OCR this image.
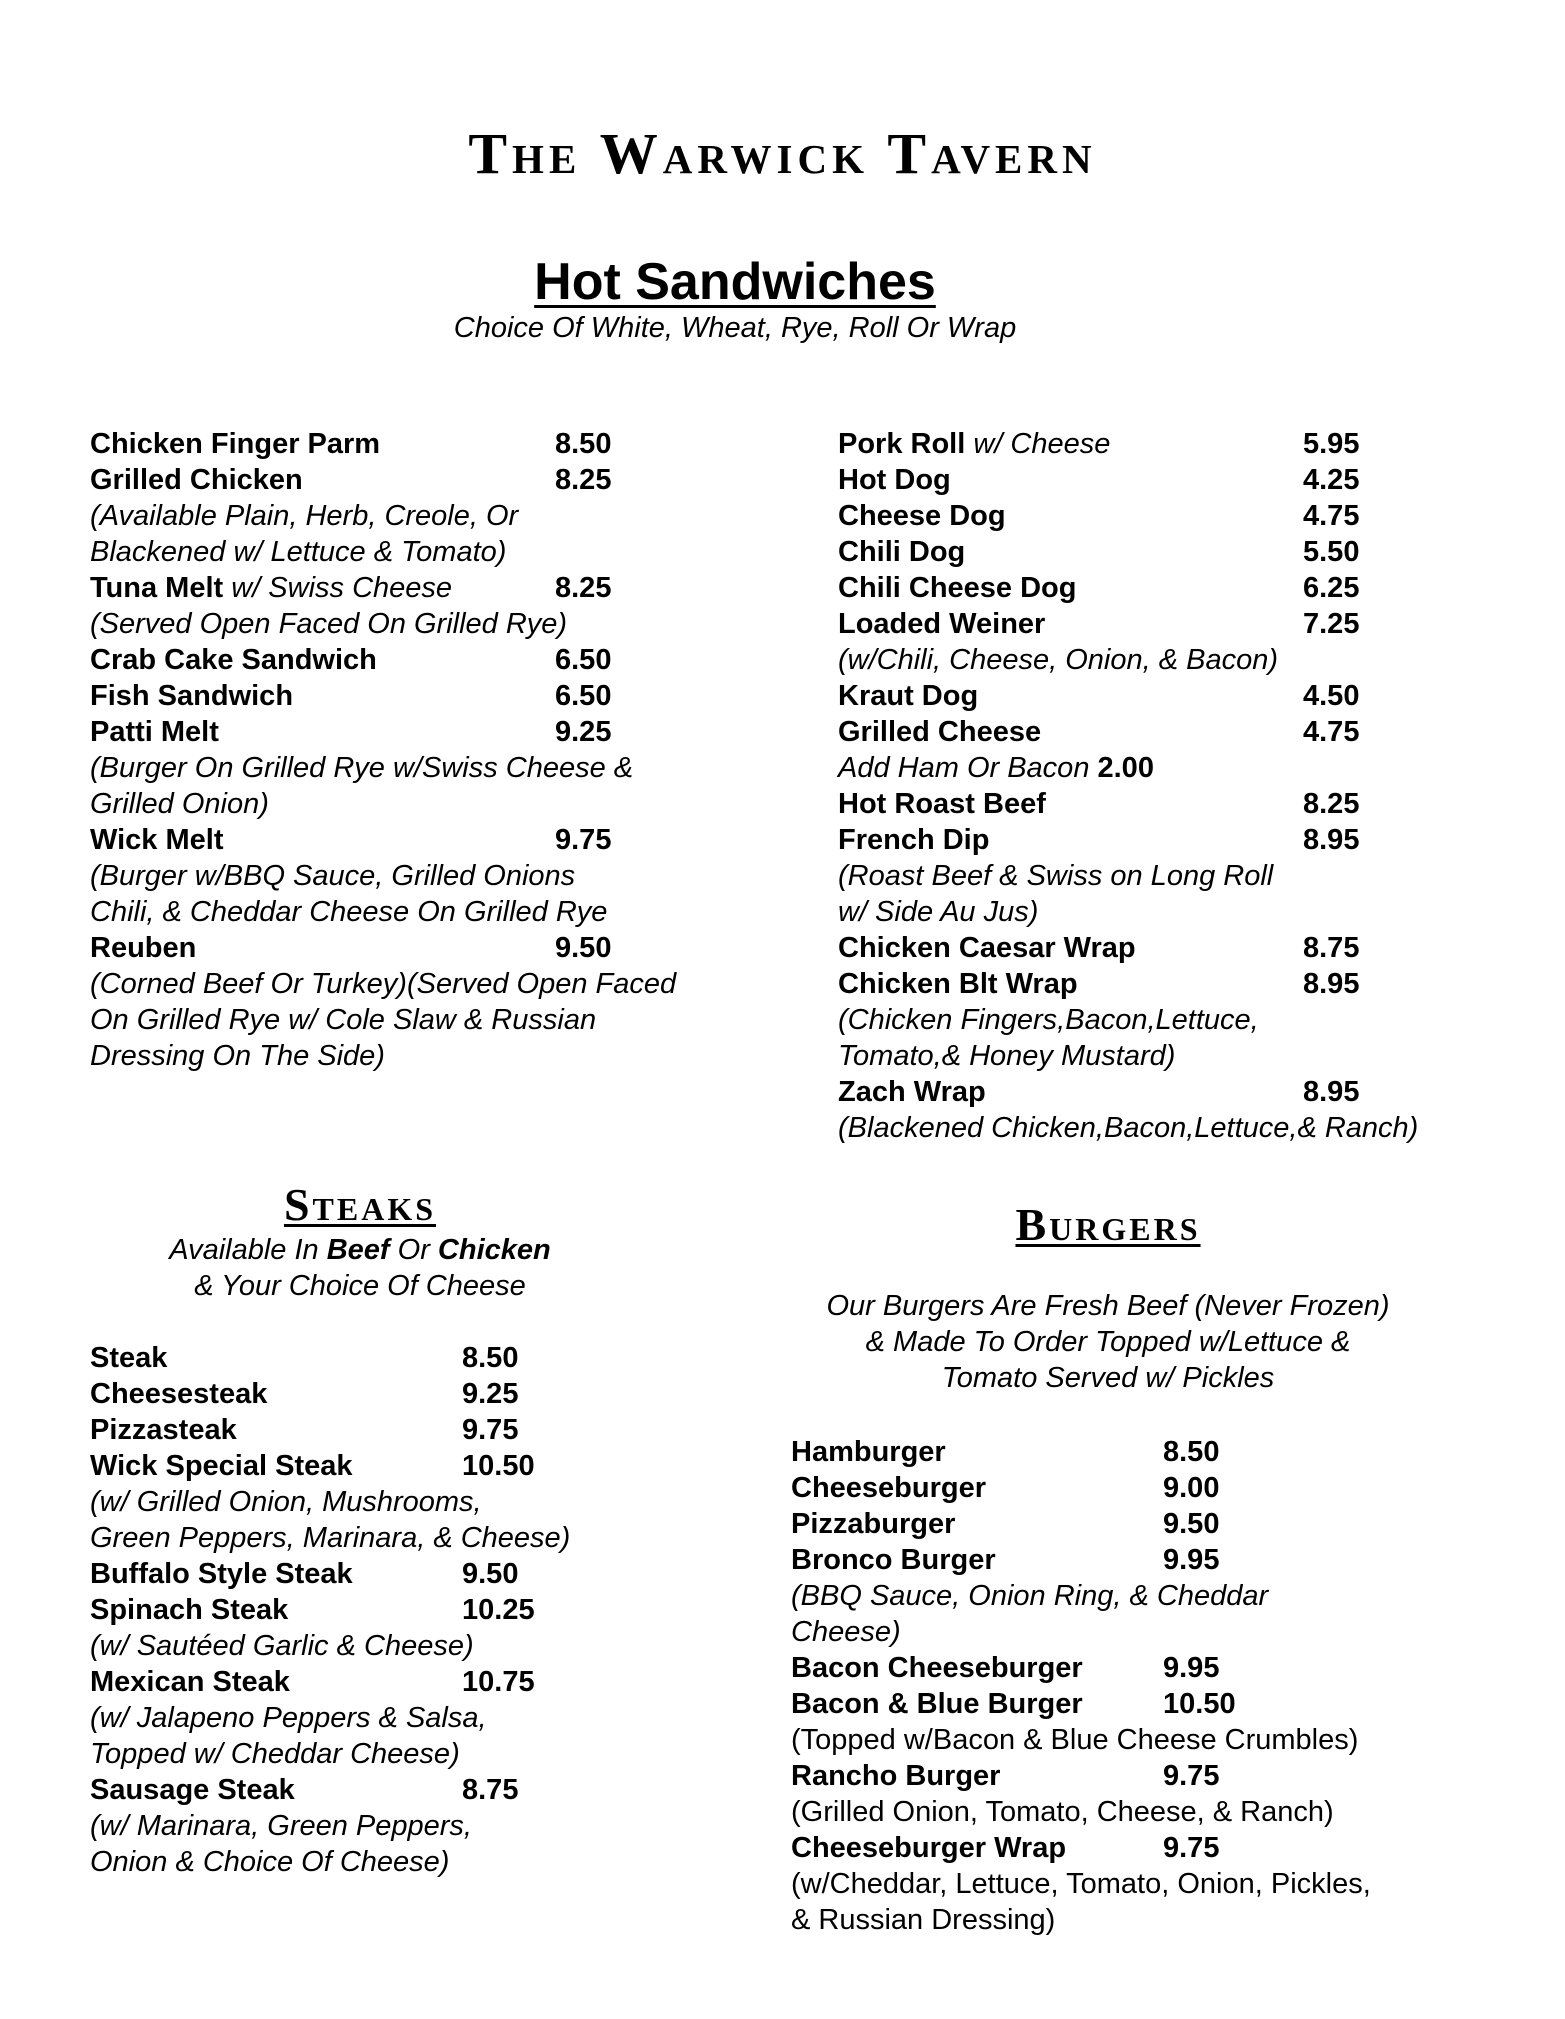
The Warwick Tavern
Hot Sandwiches
Choice Of White, Wheat, Rye, Roll Or Wrap
Chicken Finger Parm	8.50
Grilled Chicken	8.25
(Available Plain, Herb, Creole, Or
Blackened w/ Lettuce & Tomato)
Tuna Melt w/ Swiss Cheese	8.25
(Served Open Faced On Grilled Rye)
Crab Cake Sandwich	6.50
Fish Sandwich	6.50
Patti Melt	9.25
(Burger On Grilled Rye w/Swiss Cheese &
Grilled Onion)
Wick Melt	9.75
(Burger w/BBQ Sauce, Grilled Onions
Chili, & Cheddar Cheese On Grilled Rye
Reuben	9.50
(Corned Beef Or Turkey)(Served Open Faced
On Grilled Rye w/ Cole Slaw & Russian
Dressing On The Side)
Pork Roll w/ Cheese	5.95
Hot Dog	4.25
Cheese Dog	4.75
Chili Dog	5.50
Chili Cheese Dog	6.25
Loaded Weiner	7.25
(w/Chili, Cheese, Onion, & Bacon)
Kraut Dog	4.50
Grilled Cheese	4.75
Add Ham Or Bacon 2.00
Hot Roast Beef	8.25
French Dip	8.95
(Roast Beef & Swiss on Long Roll
w/ Side Au Jus)
Chicken Caesar Wrap	8.75
Chicken Blt Wrap	8.95
(Chicken Fingers,Bacon,Lettuce,
Tomato,& Honey Mustard)
Zach Wrap	8.95
(Blackened Chicken,Bacon,Lettuce,& Ranch)
Steaks
Available In Beef Or Chicken
& Your Choice Of Cheese
Steak	8.50
Cheesesteak	9.25
Pizzasteak	9.75
Wick Special Steak	10.50
(w/ Grilled Onion, Mushrooms,
Green Peppers, Marinara, & Cheese)
Buffalo Style Steak	9.50
Spinach Steak	10.25
(w/ Sautéed Garlic & Cheese)
Mexican Steak	10.75
(w/ Jalapeno Peppers & Salsa,
Topped w/ Cheddar Cheese)
Sausage Steak	8.75
(w/ Marinara, Green Peppers,
Onion & Choice Of Cheese)
Burgers
Our Burgers Are Fresh Beef (Never Frozen)
& Made To Order Topped w/Lettuce &
Tomato Served w/ Pickles
Hamburger	8.50
Cheeseburger	9.00
Pizzaburger	9.50
Bronco Burger	9.95
(BBQ Sauce, Onion Ring, & Cheddar
Cheese)
Bacon Cheeseburger	9.95
Bacon & Blue Burger	10.50
(Topped w/Bacon & Blue Cheese Crumbles)
Rancho Burger	9.75
(Grilled Onion, Tomato, Cheese, & Ranch)
Cheeseburger Wrap	9.75
(w/Cheddar, Lettuce, Tomato, Onion, Pickles,
& Russian Dressing)
